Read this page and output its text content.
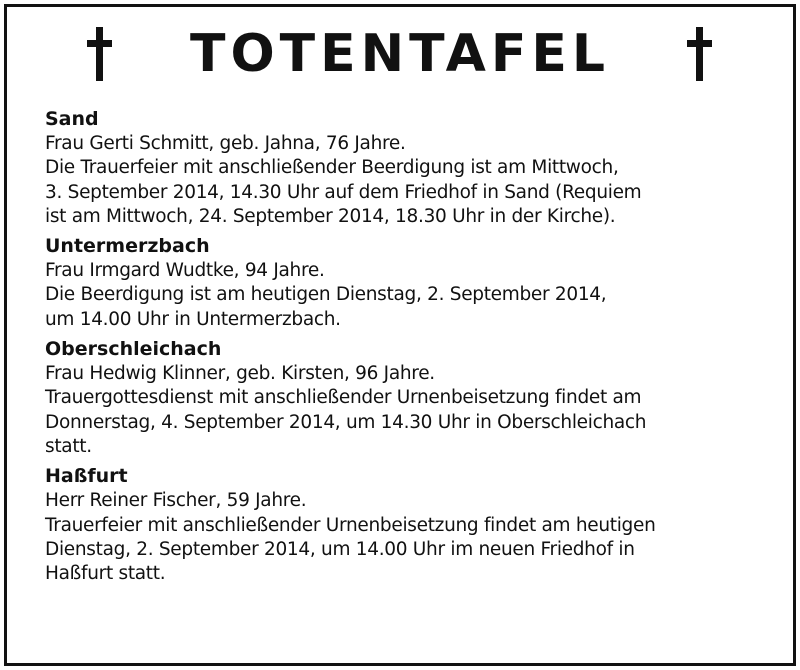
TOTENTAFEL
Sand
Frau Gerti Schmitt, geb. Jahna, 76 Jahre.
Die Trauerfeier mit anschließender Beerdigung ist am Mittwoch,
3. September 2014, 14.30 Uhr auf dem Friedhof in Sand (Requiem
ist am Mittwoch, 24. September 2014, 18.30 Uhr in der Kirche).
Untermerzbach
Frau Irmgard Wudtke, 94 Jahre.
Die Beerdigung ist am heutigen Dienstag, 2. September 2014,
um 14.00 Uhr in Untermerzbach.
Oberschleichach
Frau Hedwig Klinner, geb. Kirsten, 96 Jahre.
Trauergottesdienst mit anschließender Urnenbeisetzung findet am
Donnerstag, 4. September 2014, um 14.30 Uhr in Oberschleichach
statt.
Haßfurt
Herr Reiner Fischer, 59 Jahre.
Trauerfeier mit anschließender Urnenbeisetzung findet am heutigen
Dienstag, 2. September 2014, um 14.00 Uhr im neuen Friedhof in
Haßfurt statt.
